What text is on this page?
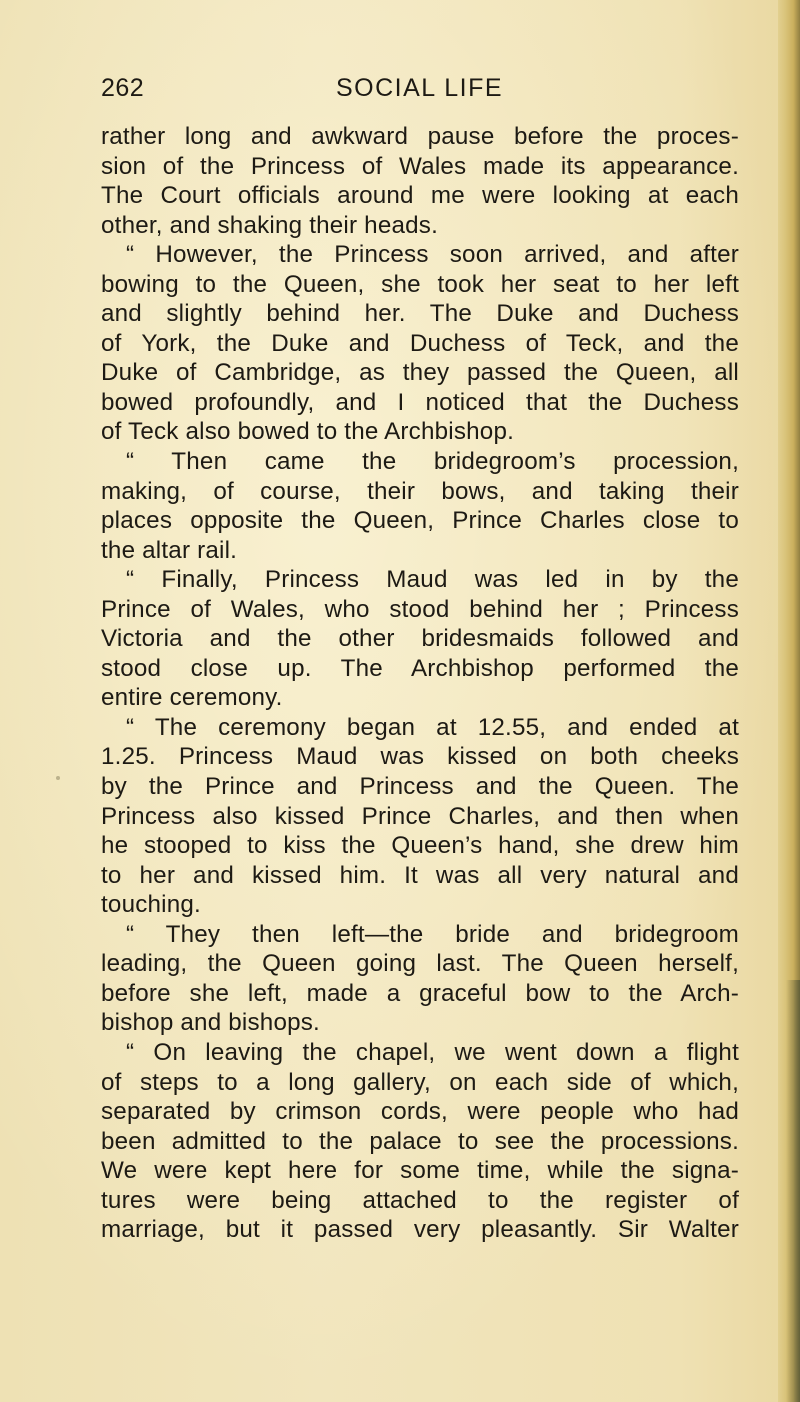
262	SOCIAL LIFE
rather long and awkward pause before the proces-
sion of the Princess of Wales made its appearance.
The Court officials around me were looking at each
other, and shaking their heads.
“ However, the Princess soon arrived, and after
bowing to the Queen, she took her seat to her left
and slightly behind her. The Duke and Duchess
of York, the Duke and Duchess of Teck, and the
Duke of Cambridge, as they passed the Queen, all
bowed profoundly, and I noticed that the Duchess
of Teck also bowed to the Archbishop.
“ Then came the bridegroom’s procession,
making, of course, their bows, and taking their
places opposite the Queen, Prince Charles close to
the altar rail.
“ Finally, Princess Maud was led in by the
Prince of Wales, who stood behind her ; Princess
Victoria and the other bridesmaids followed and
stood close up. The Archbishop performed the
entire ceremony.
“ The ceremony began at 12.55, and ended at
1.25. Princess Maud was kissed on both cheeks
by the Prince and Princess and the Queen. The
Princess also kissed Prince Charles, and then when
he stooped to kiss the Queen’s hand, she drew him
to her and kissed him. It was all very natural and
touching.
“ They then left—the bride and bridegroom
leading, the Queen going last. The Queen herself,
before she left, made a graceful bow to the Arch-
bishop and bishops.
“ On leaving the chapel, we went down a flight
of steps to a long gallery, on each side of which,
separated by crimson cords, were people who had
been admitted to the palace to see the processions.
We were kept here for some time, while the signa-
tures were being attached to the register of
marriage, but it passed very pleasantly. Sir Walter
